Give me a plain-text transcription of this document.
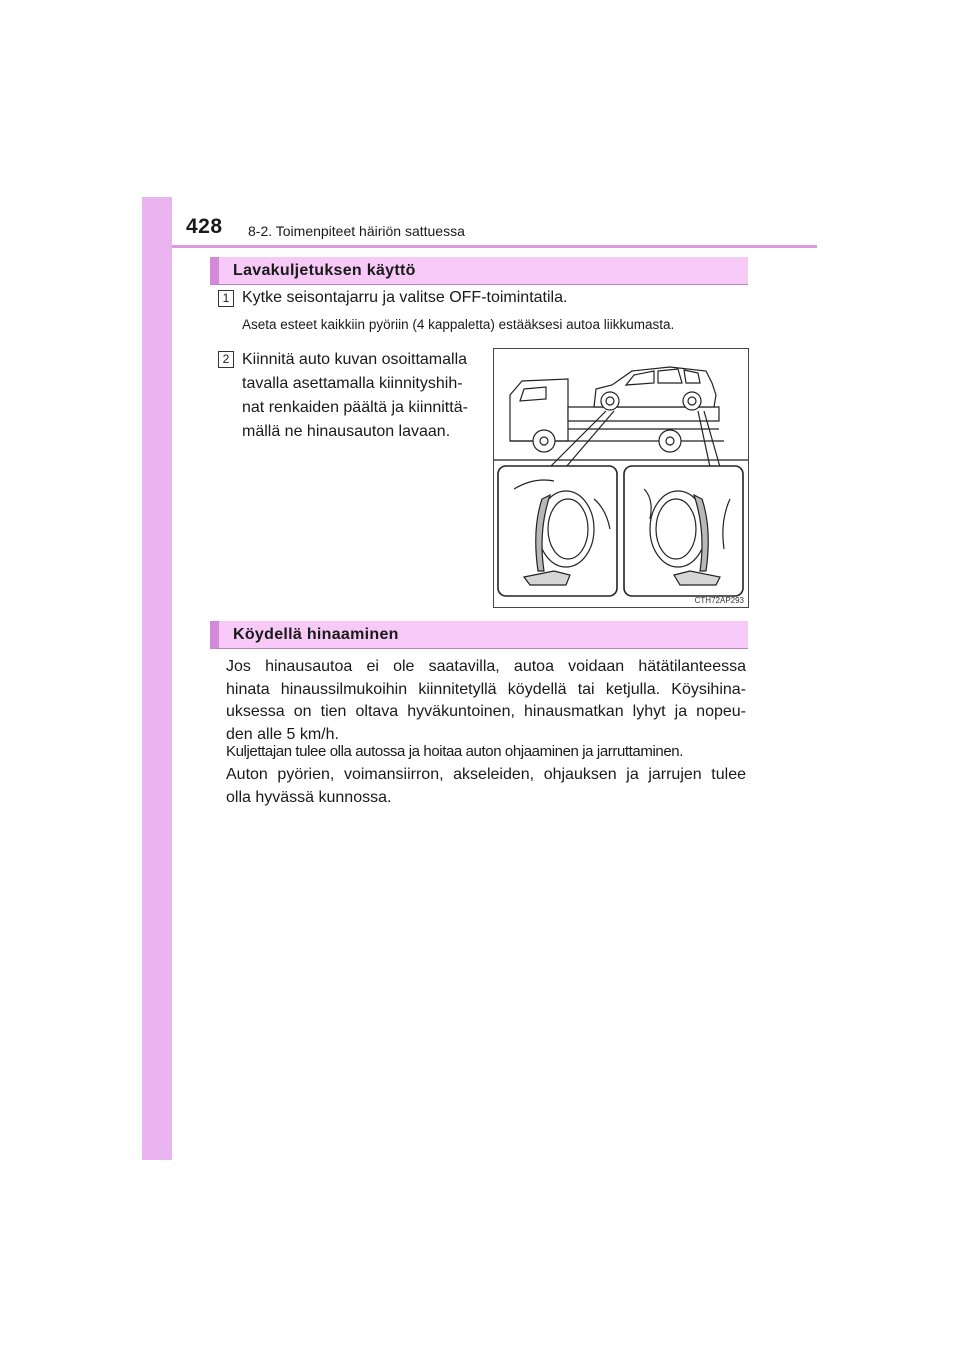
428 8-2. Toimenpiteet häiriön sattuessa
Lavakuljetuksen käyttö
1 Kytke seisontajarru ja valitse OFF-toimintatila.
Aseta esteet kaikkiin pyöriin (4 kappaletta) estääksesi autoa liikkumasta.
2 Kiinnitä auto kuvan osoittamalla
tavalla asettamalla kiinnityshih-
nat renkaiden päältä ja kiinnittä-
mällä ne hinausauton lavaan.
CTH72AP293
Köydellä hinaaminen
Jos hinausautoa ei ole saatavilla, autoa voidaan hätätilanteessa
hinata hinaussilmukoihin kiinnitetyllä köydellä tai ketjulla. Köysihina-
uksessa on tien oltava hyväkuntoinen, hinausmatkan lyhyt ja nopeu-
den alle 5 km/h.
Kuljettajan tulee olla autossa ja hoitaa auton ohjaaminen ja jarruttaminen.
Auton pyörien, voimansiirron, akseleiden, ohjauksen ja jarrujen tulee
olla hyvässä kunnossa.
